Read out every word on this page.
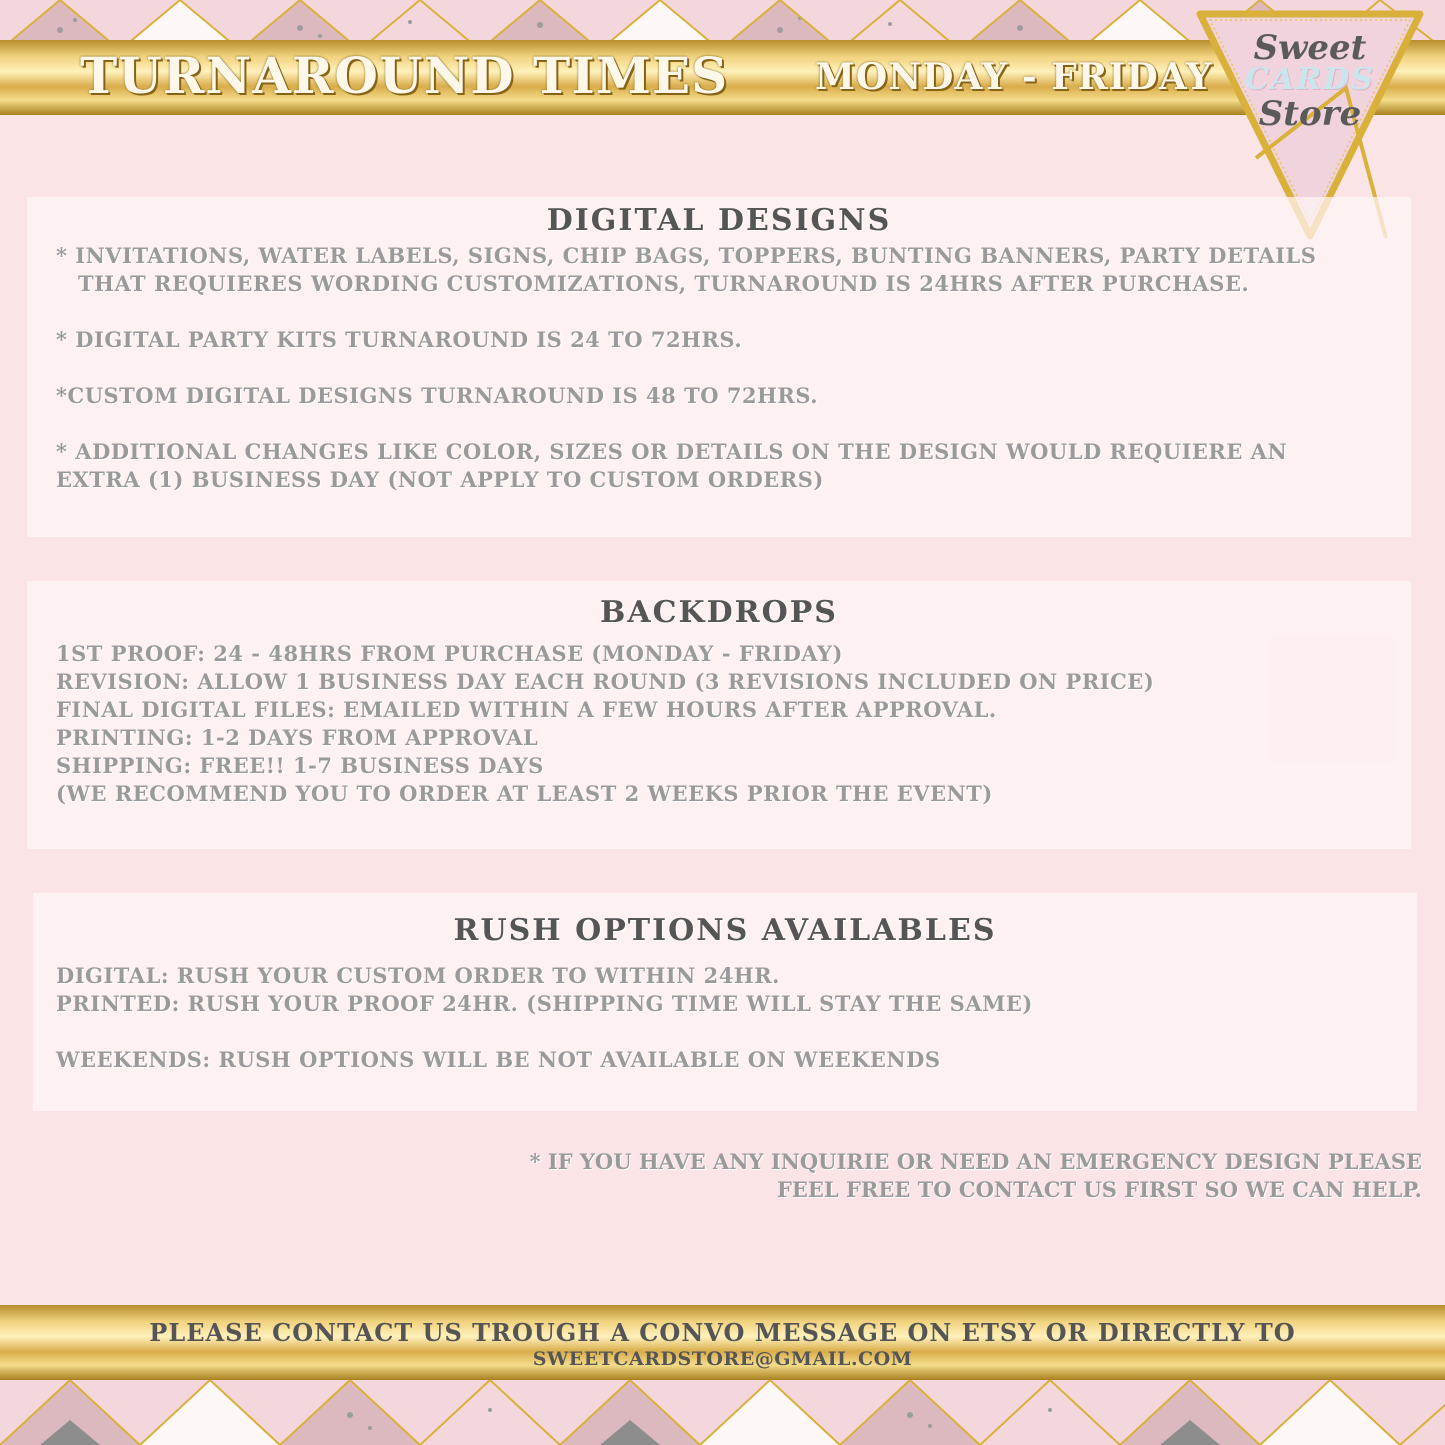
TURNAROUND TIMES MONDAY - FRIDAY
Sweet
CARDS
Store
DIGITAL DESIGNS

* INVITATIONS, WATER LABELS, SIGNS, CHIP BAGS, TOPPERS, BUNTING BANNERS, PARTY DETAILS

THAT REQUIERES WORDING CUSTOMIZATIONS, TURNAROUND IS 24HRS AFTER PURCHASE.

* DIGITAL PARTY KITS TURNAROUND IS 24 TO 72HRS.

*CUSTOM DIGITAL DESIGNS TURNAROUND IS 48 TO 72HRS.

* ADDITIONAL CHANGES LIKE COLOR, SIZES OR DETAILS ON THE DESIGN WOULD REQUIERE AN

EXTRA (1) BUSINESS DAY (NOT APPLY TO CUSTOM ORDERS)

BACKDROPS

1ST PROOF: 24 - 48HRS FROM PURCHASE (MONDAY - FRIDAY)

REVISION: ALLOW 1 BUSINESS DAY EACH ROUND (3 REVISIONS INCLUDED ON PRICE)

FINAL DIGITAL FILES: EMAILED WITHIN A FEW HOURS AFTER APPROVAL.

PRINTING: 1-2 DAYS FROM APPROVAL

SHIPPING: FREE!! 1-7 BUSINESS DAYS

(WE RECOMMEND YOU TO ORDER AT LEAST 2 WEEKS PRIOR THE EVENT)

RUSH OPTIONS AVAILABLES

DIGITAL: RUSH YOUR CUSTOM ORDER TO WITHIN 24HR.

PRINTED: RUSH YOUR PROOF 24HR. (SHIPPING TIME WILL STAY THE SAME)

WEEKENDS: RUSH OPTIONS WILL BE NOT AVAILABLE ON WEEKENDS

* IF YOU HAVE ANY INQUIRIE OR NEED AN EMERGENCY DESIGN PLEASE

FEEL FREE TO CONTACT US FIRST SO WE CAN HELP.

PLEASE CONTACT US TROUGH A CONVO MESSAGE ON ETSY OR DIRECTLY TO

SWEETCARDSTORE@GMAIL.COM
